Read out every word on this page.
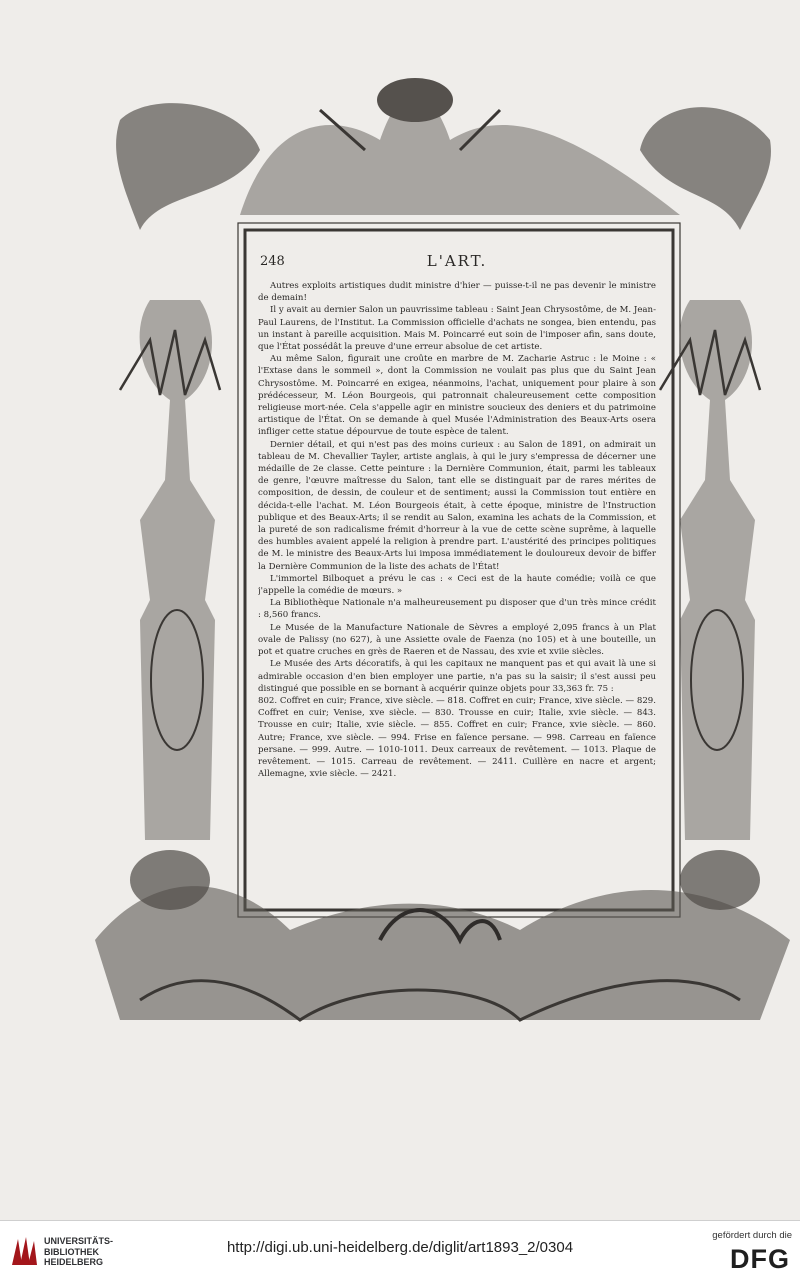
248	L'ART.

Autres exploits artistiques dudit ministre d'hier — puisse-t-il ne pas devenir le ministre de demain!

Il y avait au dernier Salon un pauvrissime tableau : Saint Jean Chrysostôme, de M. Jean-Paul Laurens, de l'Institut. La Commission officielle d'achats ne songea, bien entendu, pas un instant à pareille acquisition. Mais M. Poincarré eut soin de l'imposer afin, sans doute, que l'État possédât la preuve d'une erreur absolue de cet artiste.

Au même Salon, figurait une croûte en marbre de M. Zacharie Astruc : le Moine : « l'Extase dans le sommeil », dont la Commission ne voulait pas plus que du Saint Jean Chrysostôme. M. Poincarré en exigea, néanmoins, l'achat, uniquement pour plaire à son prédécesseur, M. Léon Bourgeois, qui patronnait chaleureusement cette composition religieuse mort-née. Cela s'appelle agir en ministre soucieux des deniers et du patrimoine artistique de l'État. On se demande à quel Musée l'Administration des Beaux-Arts osera infliger cette statue dépourvue de toute espèce de talent.

Dernier détail, et qui n'est pas des moins curieux : au Salon de 1891, on admirait un tableau de M. Chevallier Tayler, artiste anglais, à qui le jury s'empressa de décerner une médaille de 2e classe. Cette peinture : la Dernière Communion, était, parmi les tableaux de genre, l'œuvre maîtresse du Salon, tant elle se distinguait par de rares mérites de composition, de dessin, de couleur et de sentiment; aussi la Commission tout entière en décida-t-elle l'achat. M. Léon Bourgeois était, à cette époque, ministre de l'Instruction publique et des Beaux-Arts; il se rendit au Salon, examina les achats de la Commission, et la pureté de son radicalisme frémit d'horreur à la vue de cette scène suprême, à laquelle des humbles avaient appelé la religion à prendre part. L'austérité des principes politiques de M. le ministre des Beaux-Arts lui imposa immédiatement le douloureux devoir de biffer la Dernière Communion de la liste des achats de l'État!

L'immortel Bilboquet a prévu le cas : « Ceci est de la haute comédie; voilà ce que j'appelle la comédie de mœurs. »

La Bibliothèque Nationale n'a malheureusement pu disposer que d'un très mince crédit : 8,560 francs.

Le Musée de la Manufacture Nationale de Sèvres a employé 2,095 francs à un Plat ovale de Palissy (no 627), à une Assiette ovale de Faenza (no 105) et à une bouteille, un pot et quatre cruches en grès de Raeren et de Nassau, des xvie et xviie siècles.

Le Musée des Arts décoratifs, à qui les capitaux ne manquent pas et qui avait là une si admirable occasion d'en bien employer une partie, n'a pas su la saisir; il s'est aussi peu distingué que possible en se bornant à acquérir quinze objets pour 33,363 fr. 75 :

802. Coffret en cuir; France, xive siècle. — 818. Coffret en cuir; France, xive siècle. — 829. Coffret en cuir; Venise, xve siècle. — 830. Trousse en cuir; Italie, xvie siècle. — 843. Trousse en cuir; Italie, xvie siècle. — 855. Coffret en cuir; France, xvie siècle. — 860. Autre; France, xve siècle. — 994. Frise en faïence persane. — 998. Carreau en faïence persane. — 999. Autre. — 1010-1011. Deux carreaux de revêtement. — 1013. Plaque de revêtement. — 1015. Carreau de revêtement. — 2411. Cuillère en nacre et argent; Allemagne, xvie siècle. — 2421.

UNIVERSITÄTS-
BIBLIOTHEK
HEIDELBERG
http://digi.ub.uni-heidelberg.de/diglit/art1893_2/0304
gefördert durch die
DFG
